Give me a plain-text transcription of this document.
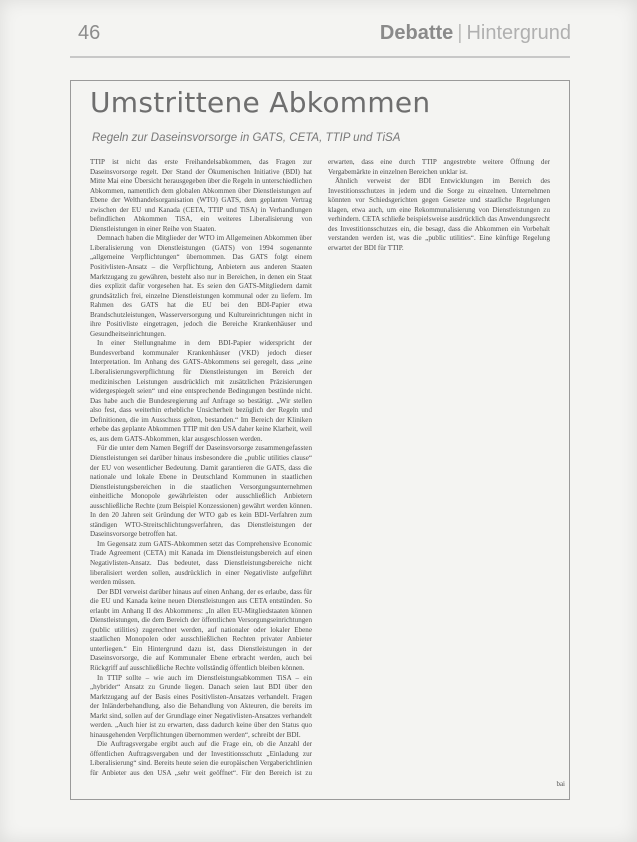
46	Debatte | Hintergrund
Umstrittene Abkommen
Regeln zur Daseinsvorsorge in GATS, CETA, TTIP und TiSA

TTIP ist nicht das erste Freihandelsabkommen, das Fragen zur Daseinsvorsorge regelt. Der Stand der Ökumenischen Initiative (BDI) hat Mitte Mai eine Übersicht herausgegeben über die Regeln in unterschiedlichen Abkommen, namentlich dem globalen Abkommen über Dienstleistungen auf Ebene der Welthandelsorganisation (WTO) GATS, dem geplanten Vertrag zwischen der EU und Kanada (CETA, TTIP und TiSA) in Verhandlungen befindlichen Abkommen TiSA, ein weiteres Liberalisierung von Dienstleistungen in einer Reihe von Staaten.

Demnach haben die Mitglieder der WTO im Allgemeinen Abkommen über Liberalisierung von Dienstleistungen (GATS) von 1994 sogenannte „allgemeine Verpflichtungen“ übernommen. Das GATS folgt einem Positivlisten-Ansatz – die Verpflichtung, Anbietern aus anderen Staaten Marktzugang zu gewähren, besteht also nur in Bereichen, in denen ein Staat dies explizit dafür vorgesehen hat. Es seien den GATS-Mitgliedern damit grundsätzlich frei, einzelne Dienstleistungen kommunal oder zu liefern. Im Rahmen des GATS hat die EU bei den BDI-Papier etwa Brandschutzleistungen, Wasserversorgung und Kultureinrichtungen nicht in ihre Positivliste eingetragen, jedoch die Bereiche Krankenhäuser und Gesundheitseinrichtungen.

In einer Stellungnahme in dem BDI-Papier widerspricht der Bundesverband kommunaler Krankenhäuser (VKD) jedoch dieser Interpretation. Im Anhang des GATS-Abkommens sei geregelt, dass „eine Liberalisierungsverpflichtung für Dienstleistungen im Bereich der medizinischen Leistungen ausdrücklich mit zusätzlichen Präzisierungen widergespiegelt seien“ und eine entsprechende Bedingungen bestünde nicht. Das habe auch die Bundesregierung auf Anfrage so bestätigt. „Wir stellen also fest, dass weiterhin erhebliche Unsicherheit bezüglich der Regeln und Definitionen, die im Ausschuss gelten, bestanden.“ Im Bereich der Kliniken erhebe das geplante Abkommen TTIP mit den USA daher keine Klarheit, weil es, aus dem GATS-Abkommen, klar ausgeschlossen werden.

Für die unter dem Namen Begriff der Daseinsvorsorge zusammengefassten Dienstleistungen sei darüber hinaus insbesondere die „public utilities clause“ der EU von wesentlicher Bedeutung. Damit garantieren die GATS, dass die nationale und lokale Ebene in Deutschland Kommunen in staatlichen Dienstleistungsbereichen in die staatlichen Versorgungsunternehmen einheitliche Monopole gewährleisten oder ausschließlich Anbietern ausschließliche Rechte (zum Beispiel Konzessionen) gewährt werden können. In den 20 Jahren seit Gründung der WTO gab es kein BDI-Verfahren zum ständigen WTO-Streitschlichtungsverfahren, das Dienstleistungen der Daseinsvorsorge betroffen hat.

Im Gegensatz zum GATS-Abkommen setzt das Comprehensive Economic Trade Agreement (CETA) mit Kanada im Dienstleistungsbereich auf einen Negativlisten-Ansatz. Das bedeutet, dass Dienstleistungsbereiche nicht liberalisiert werden sollen, ausdrücklich in einer Negativliste aufgeführt werden müssen.

Der BDI verweist darüber hinaus auf einen Anhang, der es erlaube, dass für die EU und Kanada keine neuen Dienstleistungen aus CETA entstünden. So erlaubt im Anhang II des Abkommens: „In allen EU-Mitgliedstaaten können Dienstleistungen, die dem Bereich der öffentlichen Versorgungseinrichtungen (public utilities) zugerechnet werden, auf nationaler oder lokaler Ebene staatlichen Monopolen oder ausschließlichen Rechten privater Anbieter unterliegen.“ Ein Hintergrund dazu ist, dass Dienstleistungen in der Daseinsvorsorge, die auf Kommunaler Ebene erbracht werden, auch bei Rückgriff auf ausschließliche Rechte vollständig öffentlich bleiben können.

In TTIP sollte – wie auch im Dienstleistungsabkommen TiSA – ein „hybrider“ Ansatz zu Grunde liegen. Danach seien laut BDI über den Marktzugang auf der Basis eines Positivlisten-Ansatzes verhandelt. Fragen der Inländerbehandlung, also die Behandlung von Akteuren, die bereits im Markt sind, sollen auf der Grundlage einer Negativlisten-Ansatzes verhandelt werden. „Auch hier ist zu erwarten, dass dadurch keine über den Status quo hinausgehenden Verpflichtungen übernommen werden“, schreibt der BDI.

Die Auftragsvergabe ergibt auch auf die Frage ein, ob die Anzahl der öffentlichen Auftragsvergaben und der Investitionsschutz „Einladung zur Liberalisierung“ sind. Bereits heute seien die europäischen Vergaberichtlinien für Anbieter aus den USA „sehr weit geöffnet“. Für den Bereich ist zu erwarten, dass eine durch TTIP angestrebte weitere Öffnung der Vergabemärkte in einzelnen Bereichen unklar ist.

Ähnlich verweist der BDI Entwicklungen im Bereich des Investitionsschutzes in jedem und die Sorge zu einzelnen. Unternehmen könnten vor Schiedsgerichten gegen Gesetze und staatliche Regelungen klagen, etwa auch, um eine Rekommunalisierung von Dienstleistungen zu verhindern. CETA schließe beispielsweise ausdrücklich das Anwendungsrecht des Investitionsschutzes ein, die besagt, dass die Abkommen ein Vorbehalt verstanden werden ist, was die „public utilities“. Eine künftige Regelung erwartet der BDI für TTIP.

bai
